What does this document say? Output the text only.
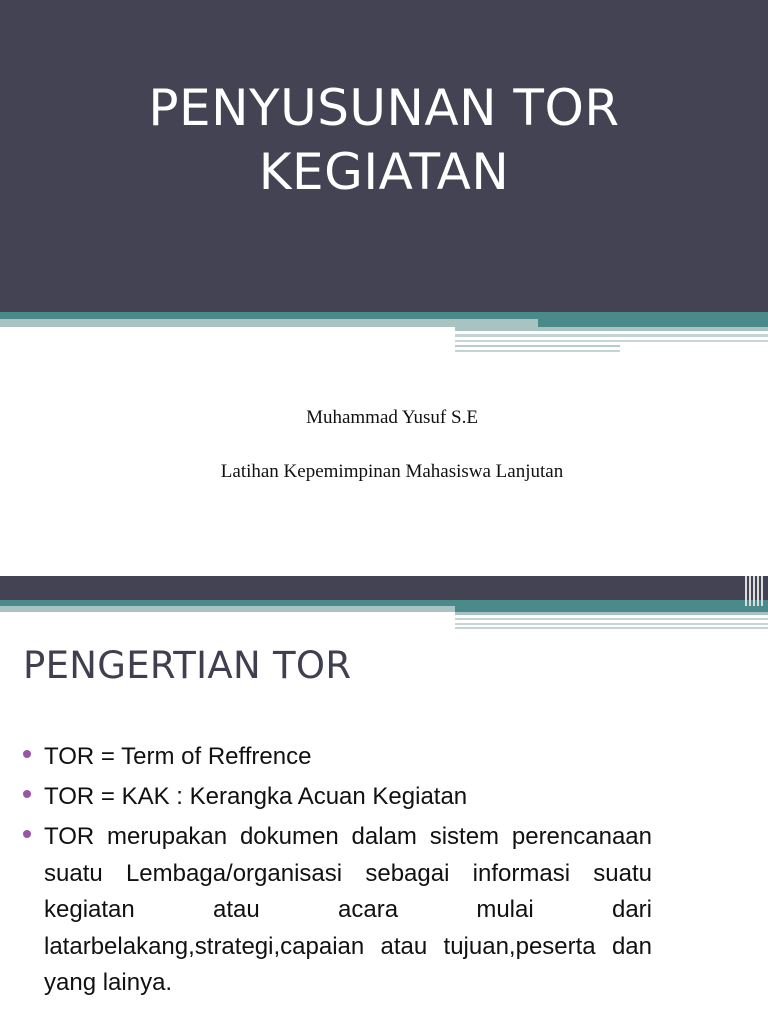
PENYUSUNAN TOR
KEGIATAN
Muhammad Yusuf S.E
Latihan Kepemimpinan Mahasiswa Lanjutan
PENGERTIAN TOR
TOR = Term of Reffrence
TOR = KAK : Kerangka Acuan Kegiatan
TOR merupakan dokumen dalam sistem perencanaan suatu Lembaga/organisasi sebagai informasi suatu kegiatan atau acara mulai dari latarbelakang,strategi,capaian atau tujuan,peserta dan yang lainya.
